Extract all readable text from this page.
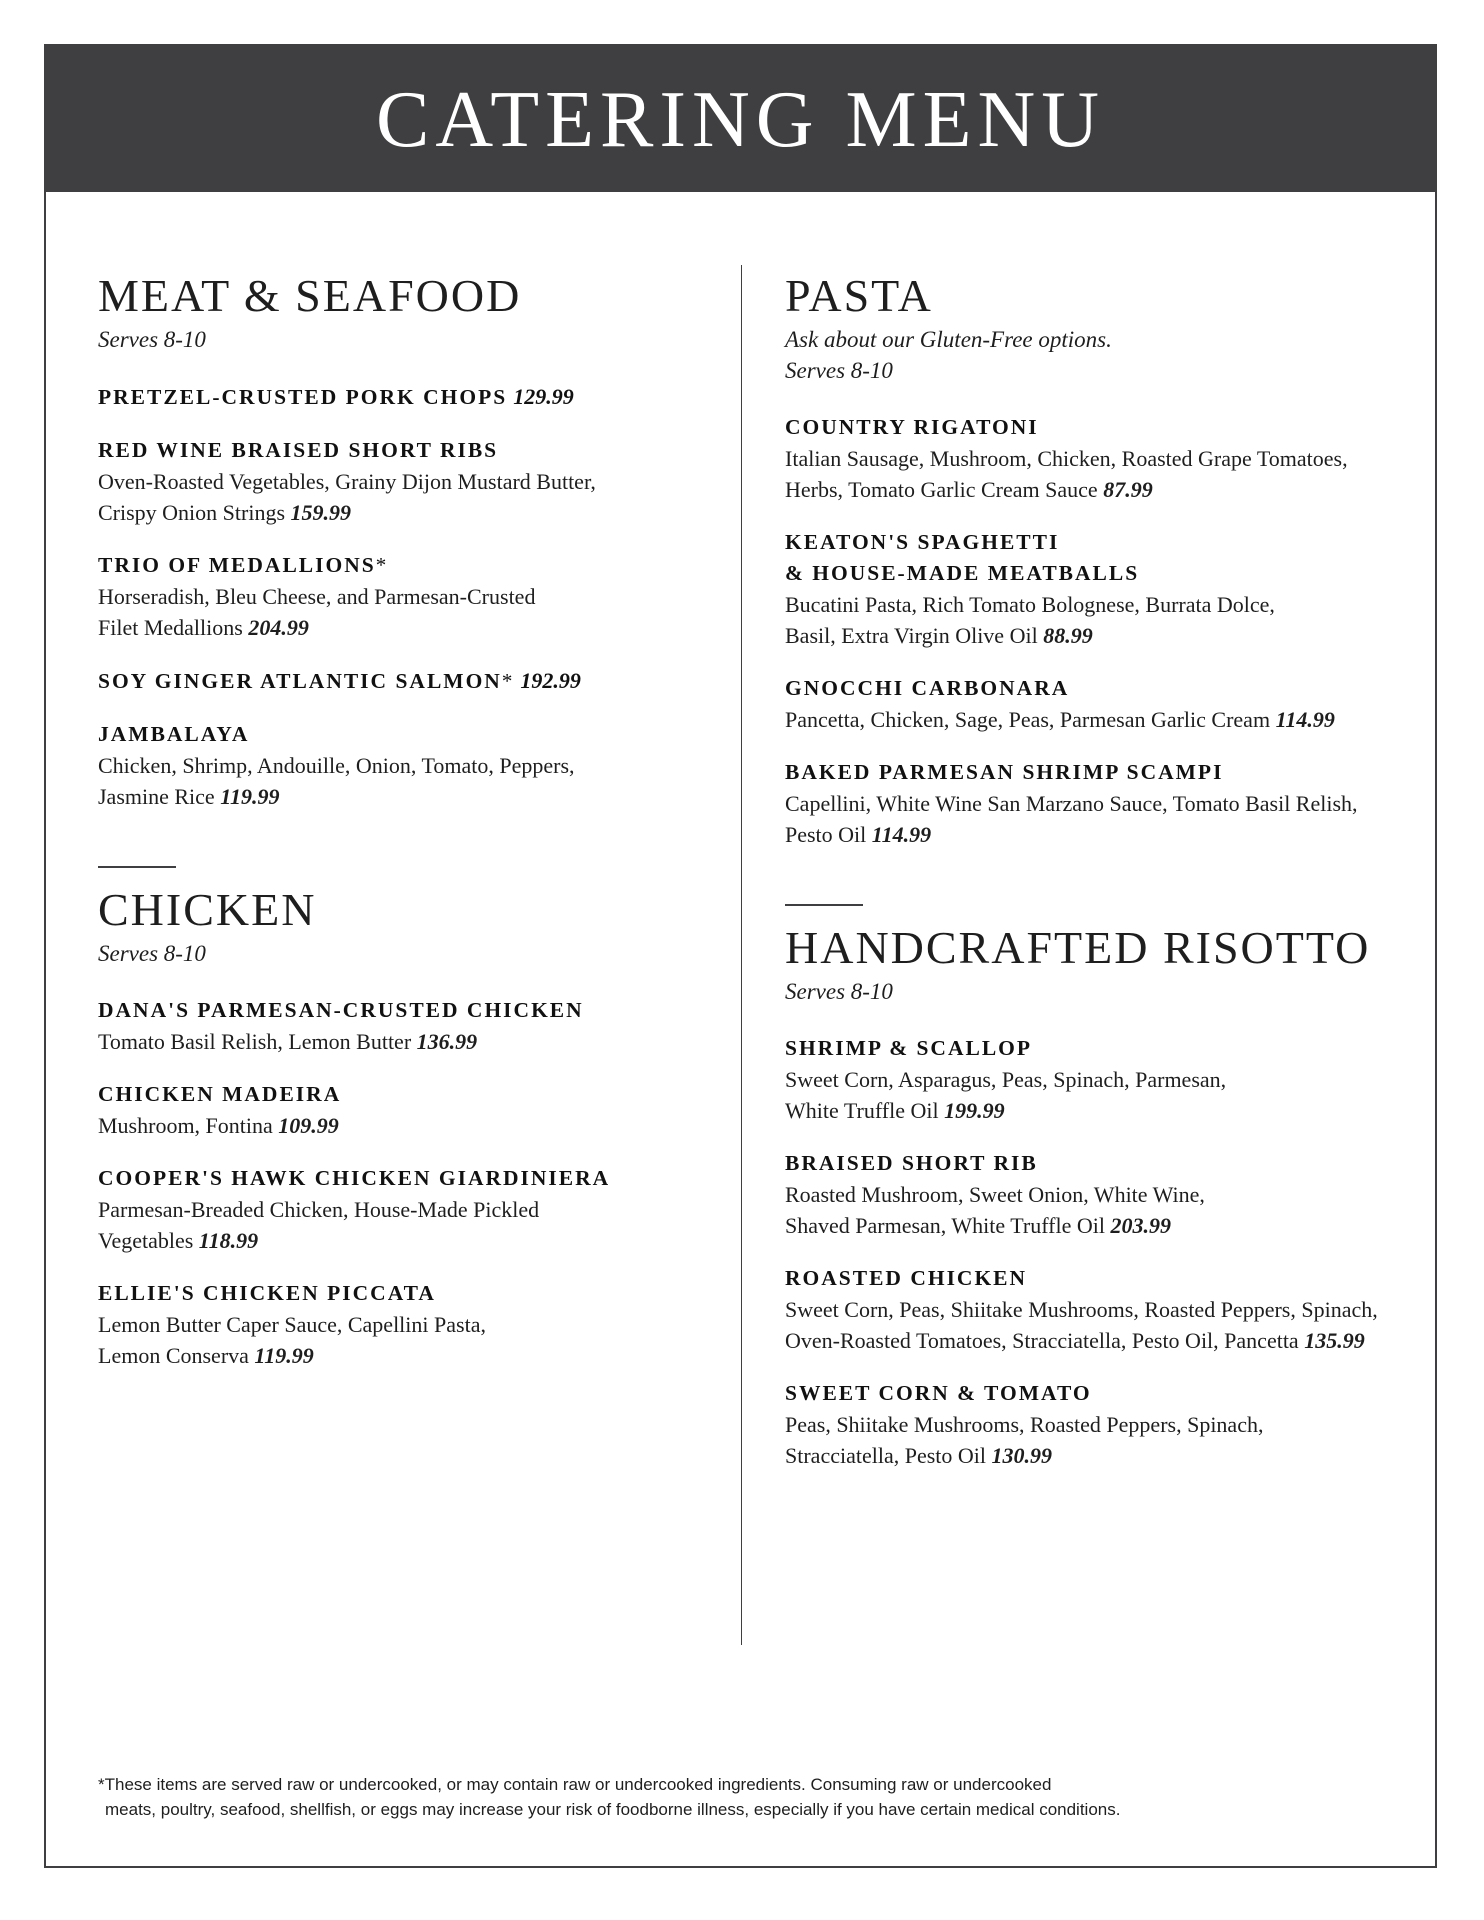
CATERING MENU
MEAT & SEAFOOD
Serves 8-10
PRETZEL-CRUSTED PORK CHOPS 129.99
RED WINE BRAISED SHORT RIBS
Oven-Roasted Vegetables, Grainy Dijon Mustard Butter,
Crispy Onion Strings 159.99
TRIO OF MEDALLIONS*
Horseradish, Bleu Cheese, and Parmesan-Crusted
Filet Medallions 204.99
SOY GINGER ATLANTIC SALMON* 192.99
JAMBALAYA
Chicken, Shrimp, Andouille, Onion, Tomato, Peppers,
Jasmine Rice 119.99
CHICKEN
Serves 8-10
DANA'S PARMESAN-CRUSTED CHICKEN
Tomato Basil Relish, Lemon Butter 136.99
CHICKEN MADEIRA
Mushroom, Fontina 109.99
COOPER'S HAWK CHICKEN GIARDINIERA
Parmesan-Breaded Chicken, House-Made Pickled
Vegetables 118.99
ELLIE'S CHICKEN PICCATA
Lemon Butter Caper Sauce, Capellini Pasta,
Lemon Conserva 119.99
PASTA
Ask about our Gluten-Free options.
Serves 8-10
COUNTRY RIGATONI
Italian Sausage, Mushroom, Chicken, Roasted Grape Tomatoes,
Herbs, Tomato Garlic Cream Sauce 87.99
KEATON'S SPAGHETTI
& HOUSE-MADE MEATBALLS
Bucatini Pasta, Rich Tomato Bolognese, Burrata Dolce,
Basil, Extra Virgin Olive Oil 88.99
GNOCCHI CARBONARA
Pancetta, Chicken, Sage, Peas, Parmesan Garlic Cream 114.99
BAKED PARMESAN SHRIMP SCAMPI
Capellini, White Wine San Marzano Sauce, Tomato Basil Relish,
Pesto Oil 114.99
HANDCRAFTED RISOTTO
Serves 8-10
SHRIMP & SCALLOP
Sweet Corn, Asparagus, Peas, Spinach, Parmesan,
White Truffle Oil 199.99
BRAISED SHORT RIB
Roasted Mushroom, Sweet Onion, White Wine,
Shaved Parmesan, White Truffle Oil 203.99
ROASTED CHICKEN
Sweet Corn, Peas, Shiitake Mushrooms, Roasted Peppers, Spinach,
Oven-Roasted Tomatoes, Stracciatella, Pesto Oil, Pancetta 135.99
SWEET CORN & TOMATO
Peas, Shiitake Mushrooms, Roasted Peppers, Spinach,
Stracciatella, Pesto Oil 130.99
*These items are served raw or undercooked, or may contain raw or undercooked ingredients. Consuming raw or undercooked
meats, poultry, seafood, shellfish, or eggs may increase your risk of foodborne illness, especially if you have certain medical conditions.
